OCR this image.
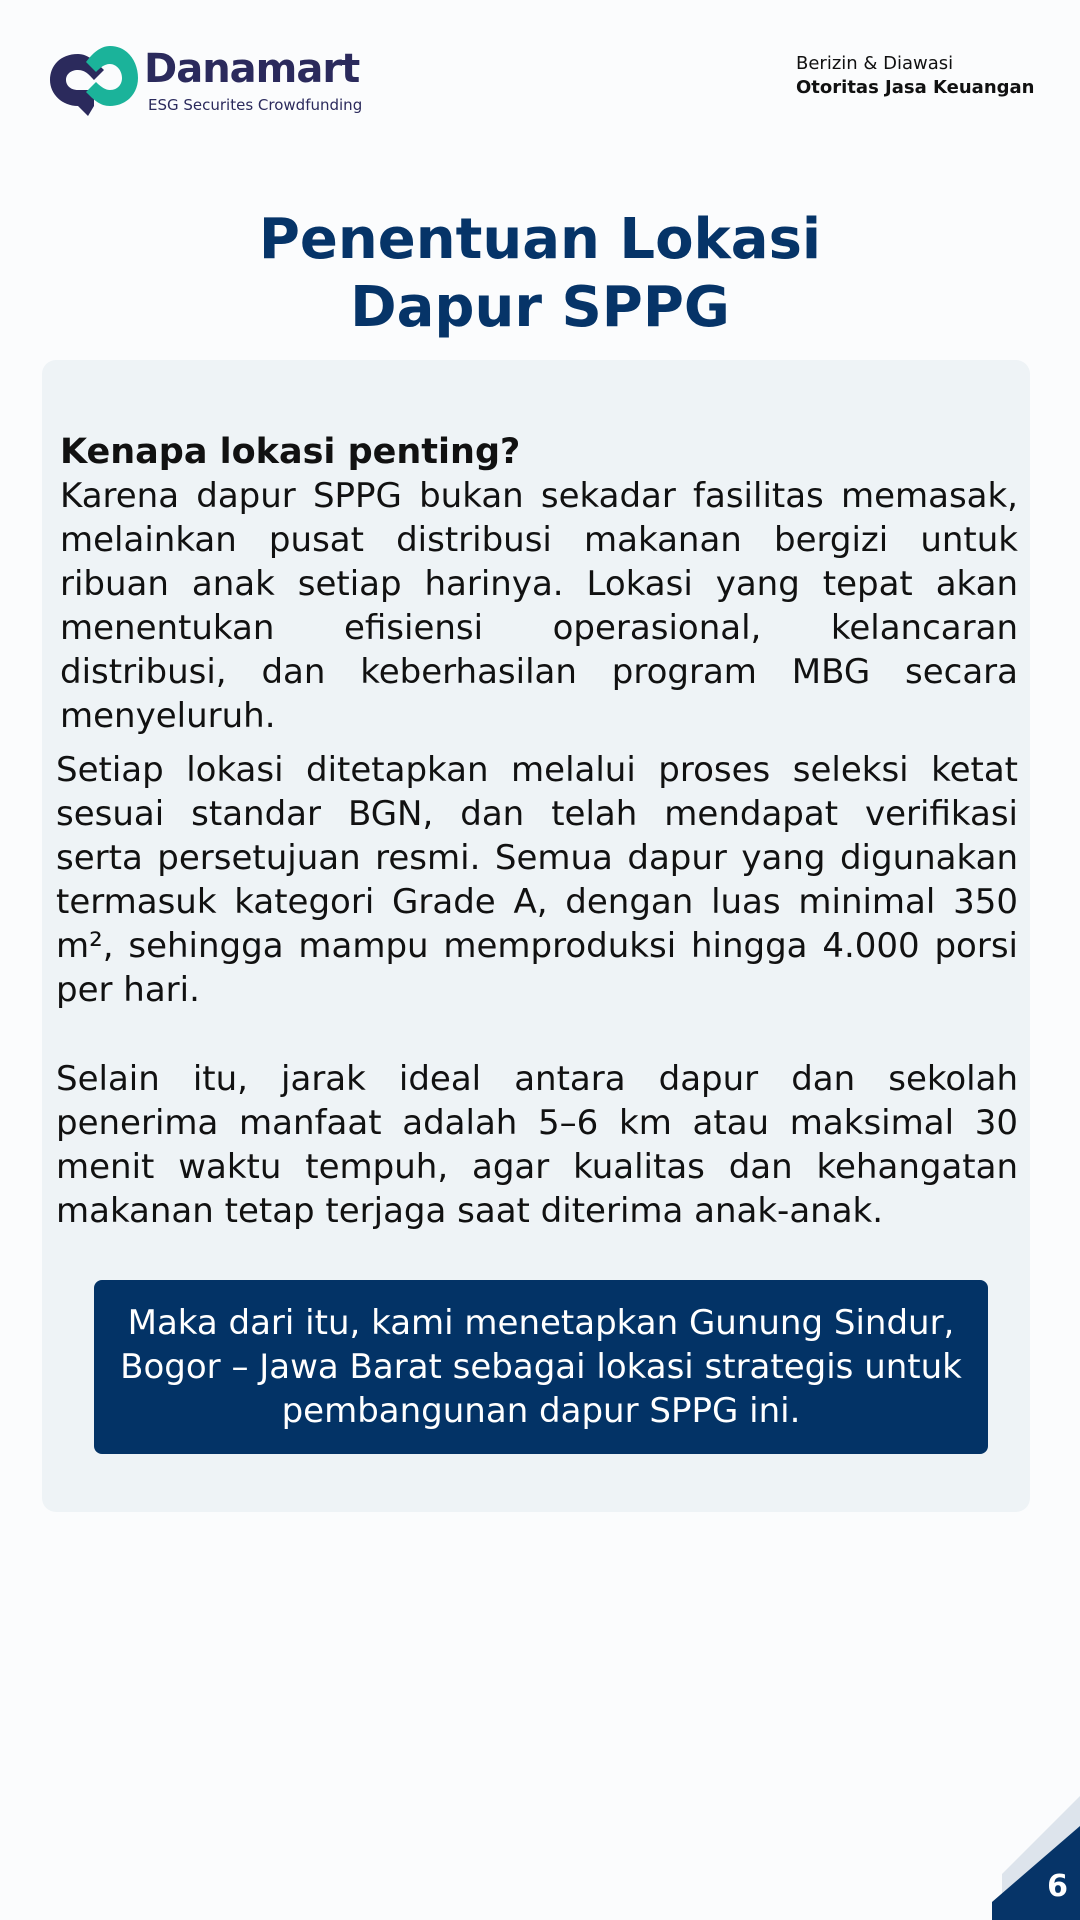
Danamart
ESG Securites Crowdfunding
Berizin & Diawasi
Otoritas Jasa Keuangan
Penentuan Lokasi
Dapur SPPG
Kenapa lokasi penting?
Karena dapur SPPG bukan sekadar fasilitas memasak, melainkan pusat distribusi makanan bergizi untuk ribuan anak setiap harinya. Lokasi yang tepat akan menentukan efisiensi operasional, kelancaran distribusi, dan keberhasilan program MBG secara menyeluruh.
Setiap lokasi ditetapkan melalui proses seleksi ketat sesuai standar BGN, dan telah mendapat verifikasi serta persetujuan resmi. Semua dapur yang digunakan termasuk kategori Grade A, dengan luas minimal 350 m², sehingga mampu memproduksi hingga 4.000 porsi per hari.
Selain itu, jarak ideal antara dapur dan sekolah penerima manfaat adalah 5–6 km atau maksimal 30 menit waktu tempuh, agar kualitas dan kehangatan makanan tetap terjaga saat diterima anak-anak.
Maka dari itu, kami menetapkan Gunung Sindur, Bogor – Jawa Barat sebagai lokasi strategis untuk pembangunan dapur SPPG ini.
6
